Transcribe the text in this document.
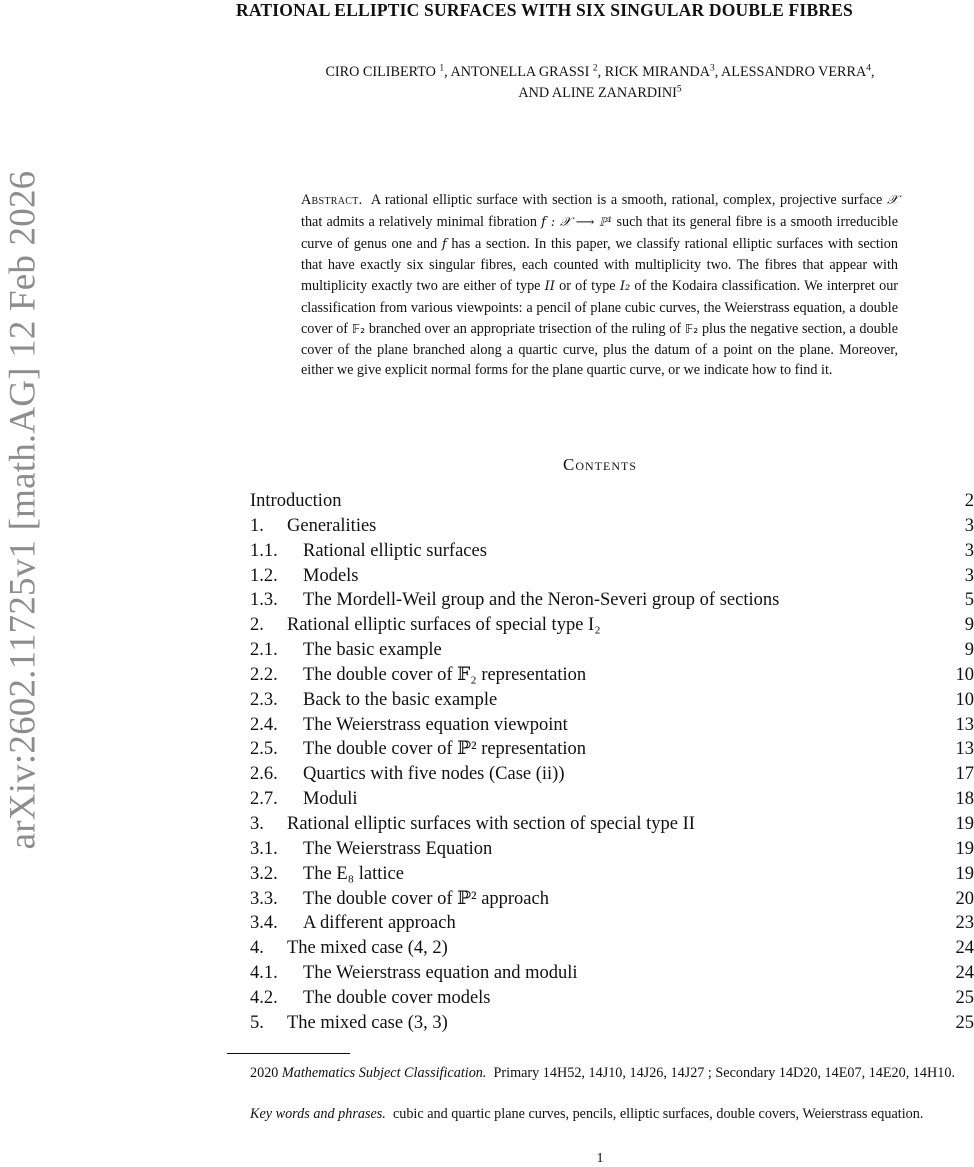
arXiv:2602.11725v1 [math.AG] 12 Feb 2026
RATIONAL ELLIPTIC SURFACES WITH SIX SINGULAR DOUBLE FIBRES
CIRO CILIBERTO $^1$, ANTONELLA GRASSI $^2$, RICK MIRANDA$^3$, ALESSANDRO VERRA$^4$,
AND ALINE ZANARDINI$^5$
Abstract. A rational elliptic surface with section is a smooth, rational, complex, projective surface 𝒳 that admits a relatively minimal fibration f : 𝒳 ⟶ ℙ¹ such that its general fibre is a smooth irreducible curve of genus one and f has a section. In this paper, we classify rational elliptic surfaces with section that have exactly six singular fibres, each counted with multiplicity two. The fibres that appear with multiplicity exactly two are either of type II or of type I₂ of the Kodaira classification. We interpret our classification from various viewpoints: a pencil of plane cubic curves, the Weierstrass equation, a double cover of 𝔽₂ branched over an appropriate trisection of the ruling of 𝔽₂ plus the negative section, a double cover of the plane branched along a quartic curve, plus the datum of a point on the plane. Moreover, either we give explicit normal forms for the plane quartic curve, or we indicate how to find it.
Contents
Introduction	2
1. Generalities	3
1.1. Rational elliptic surfaces	3
1.2. Models	3
1.3. The Mordell-Weil group and the Neron-Severi group of sections	5
2. Rational elliptic surfaces of special type I₂	9
2.1. The basic example	9
2.2. The double cover of 𝔽₂ representation	10
2.3. Back to the basic example	10
2.4. The Weierstrass equation viewpoint	13
2.5. The double cover of ℙ² representation	13
2.6. Quartics with five nodes (Case (ii))	17
2.7. Moduli	18
3. Rational elliptic surfaces with section of special type II	19
3.1. The Weierstrass Equation	19
3.2. The E₈ lattice	19
3.3. The double cover of ℙ² approach	20
3.4. A different approach	23
4. The mixed case (4, 2)	24
4.1. The Weierstrass equation and moduli	24
4.2. The double cover models	25
5. The mixed case (3, 3)	25
2020 Mathematics Subject Classification. Primary 14H52, 14J10, 14J26, 14J27 ; Secondary 14D20, 14E07, 14E20, 14H10.
Key words and phrases. cubic and quartic plane curves, pencils, elliptic surfaces, double covers, Weierstrass equation.
1
